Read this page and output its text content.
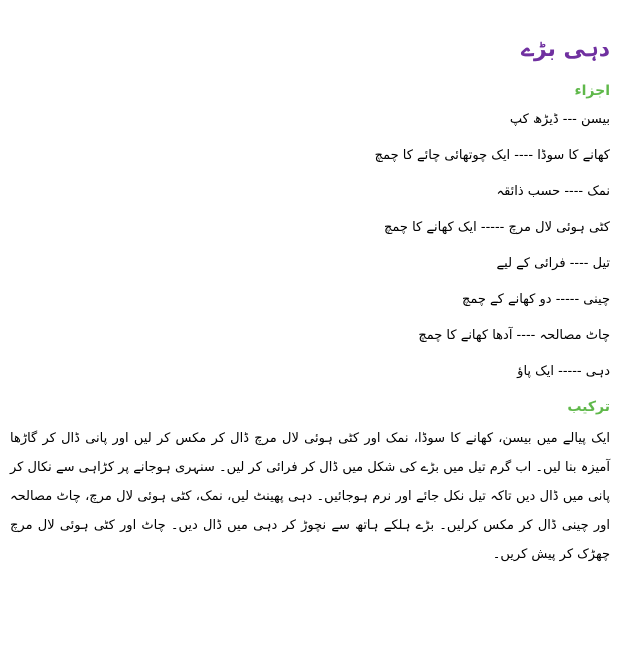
دہی بڑے
اجزاء
بیسن --- ڈیڑھ کپ
کھانے کا سوڈا ---- ایک چوتھائی چائے کا چمچ
نمک ---- حسب ذائقہ
کٹی ہوئی لال مرچ ----- ایک کھانے کا چمچ
تیل ---- فرائی کے لیے
چینی ----- دو کھانے کے چمچ
چاٹ مصالحہ ---- آدھا کھانے کا چمچ
دہی ----- ایک پاؤ
ترکیب

ایک پیالے میں بیسن، کھانے کا سوڈا، نمک اور کٹی ہوئی لال مرچ ڈال کر مکس کر لیں اور پانی ڈال کر گاڑھا آمیزہ بنا لیں۔ اب گرم تیل میں بڑے کی شکل میں ڈال کر فرائی کر لیں۔ سنہری ہوجانے پر کڑاہی سے نکال کر پانی میں ڈال دیں تاکہ تیل نکل جائے اور نرم ہوجائیں۔ دہی پھینٹ لیں، نمک، کٹی ہوئی لال مرچ، چاٹ مصالحہ اور چینی ڈال کر مکس کرلیں۔ بڑے ہلکے ہاتھ سے نچوڑ کر دہی میں ڈال دیں۔ چاٹ اور کٹی ہوئی لال مرچ چھڑک کر پیش کریں۔
